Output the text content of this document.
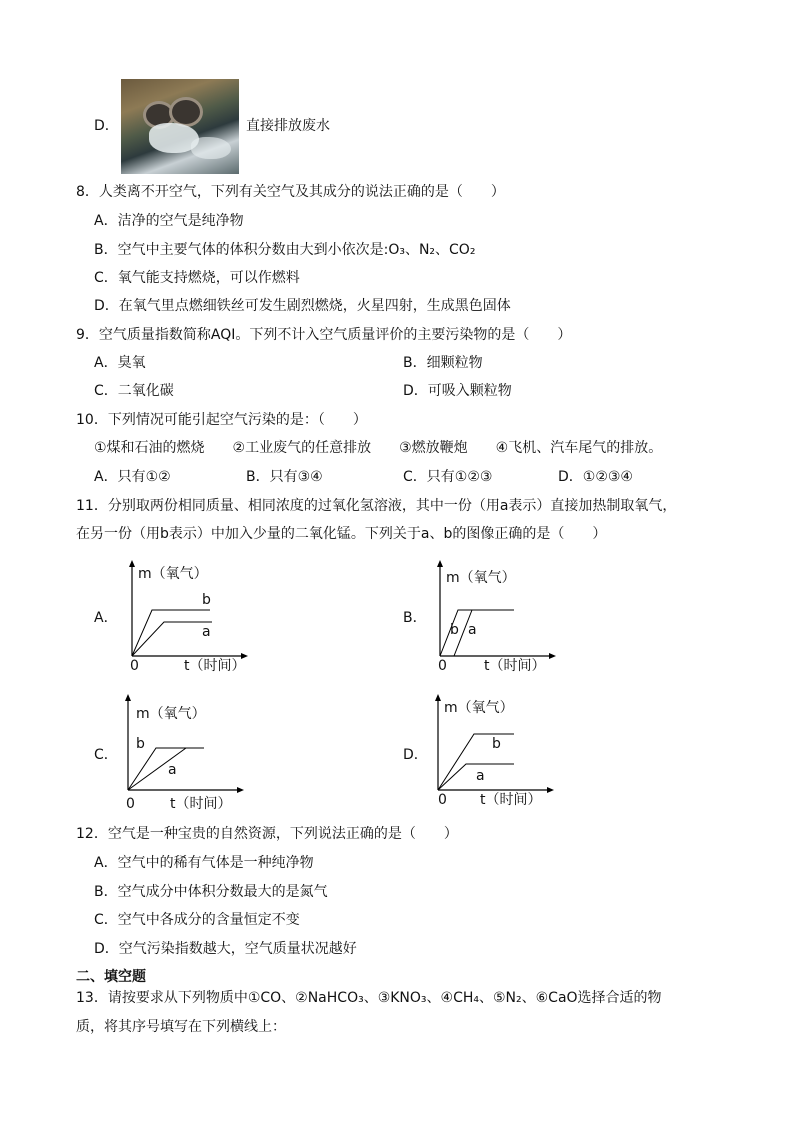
D．	直接排放废水
8．人类离不开空气，下列有关空气及其成分的说法正确的是（　　）
A．洁净的空气是纯净物
B．空气中主要气体的体积分数由大到小依次是:O₃、N₂、CO₂
C．氧气能支持燃烧，可以作燃料
D．在氧气里点燃细铁丝可发生剧烈燃烧，火星四射，生成黑色固体
9．空气质量指数简称AQI。下列不计入空气质量评价的主要污染物的是（　　）
A．臭氧	B．细颗粒物
C．二氧化碳	D．可吸入颗粒物
10．下列情况可能引起空气污染的是：（　　）
①煤和石油的燃烧　　②工业废气的任意排放　　③燃放鞭炮　　④飞机、汽车尾气的排放。
A．只有①②	B．只有③④	C．只有①②③	D．①②③④
11．分别取两份相同质量、相同浓度的过氧化氢溶液，其中一份（用a表示）直接加热制取氧气，
在另一份（用b表示）中加入少量的二氧化锰。下列关于a、b的图像正确的是（　　）
A．
m（氧气）
b
a
0	t（时间）
B．
m（氧气）
b a
0	t（时间）
C．
m（氧气）
b
a
0	t（时间）
D．
m（氧气）
b
a
0 t（时间）
12．空气是一种宝贵的自然资源，下列说法正确的是（　　）
A．空气中的稀有气体是一种纯净物
B．空气成分中体积分数最大的是氮气
C．空气中各成分的含量恒定不变
D．空气污染指数越大，空气质量状况越好
二、填空题
13．请按要求从下列物质中①CO、②NaHCO₃、③KNO₃、④CH₄、⑤N₂、⑥CaO选择合适的物
质，将其序号填写在下列横线上：
